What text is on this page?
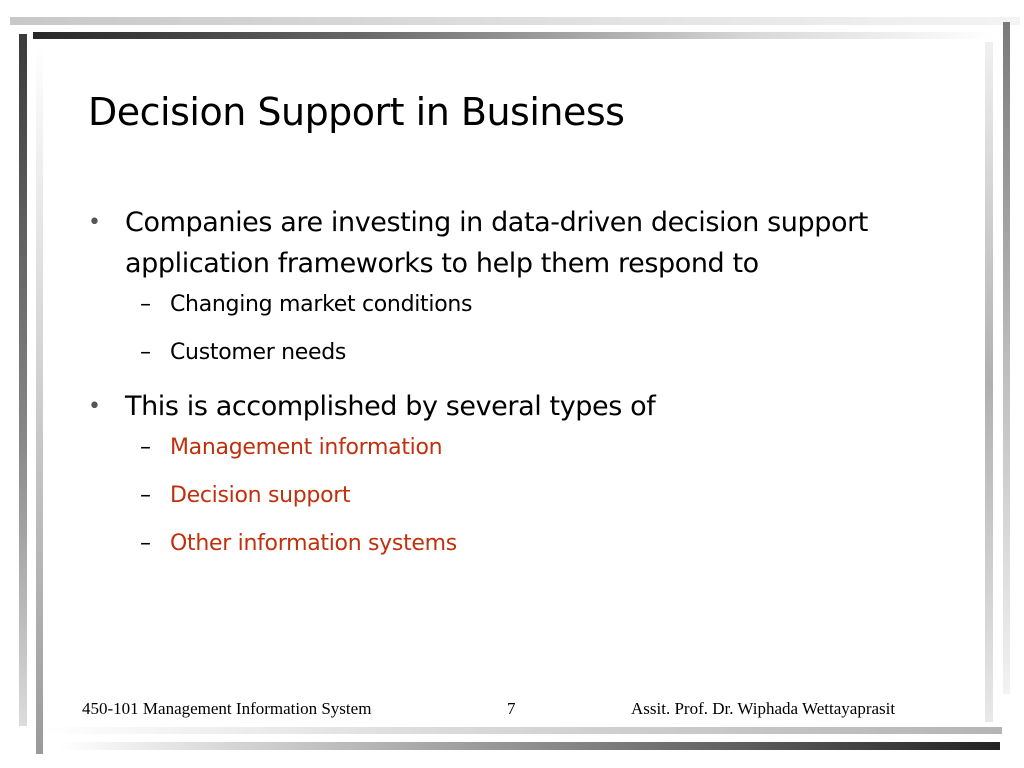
Decision Support in Business
• Companies are investing in data-driven decision support application frameworks to help them respond to
– Changing market conditions
– Customer needs
• This is accomplished by several types of
– Management information
– Decision support
– Other information systems
450-101 Management Information System	7	Assit. Prof. Dr. Wiphada Wettayaprasit
